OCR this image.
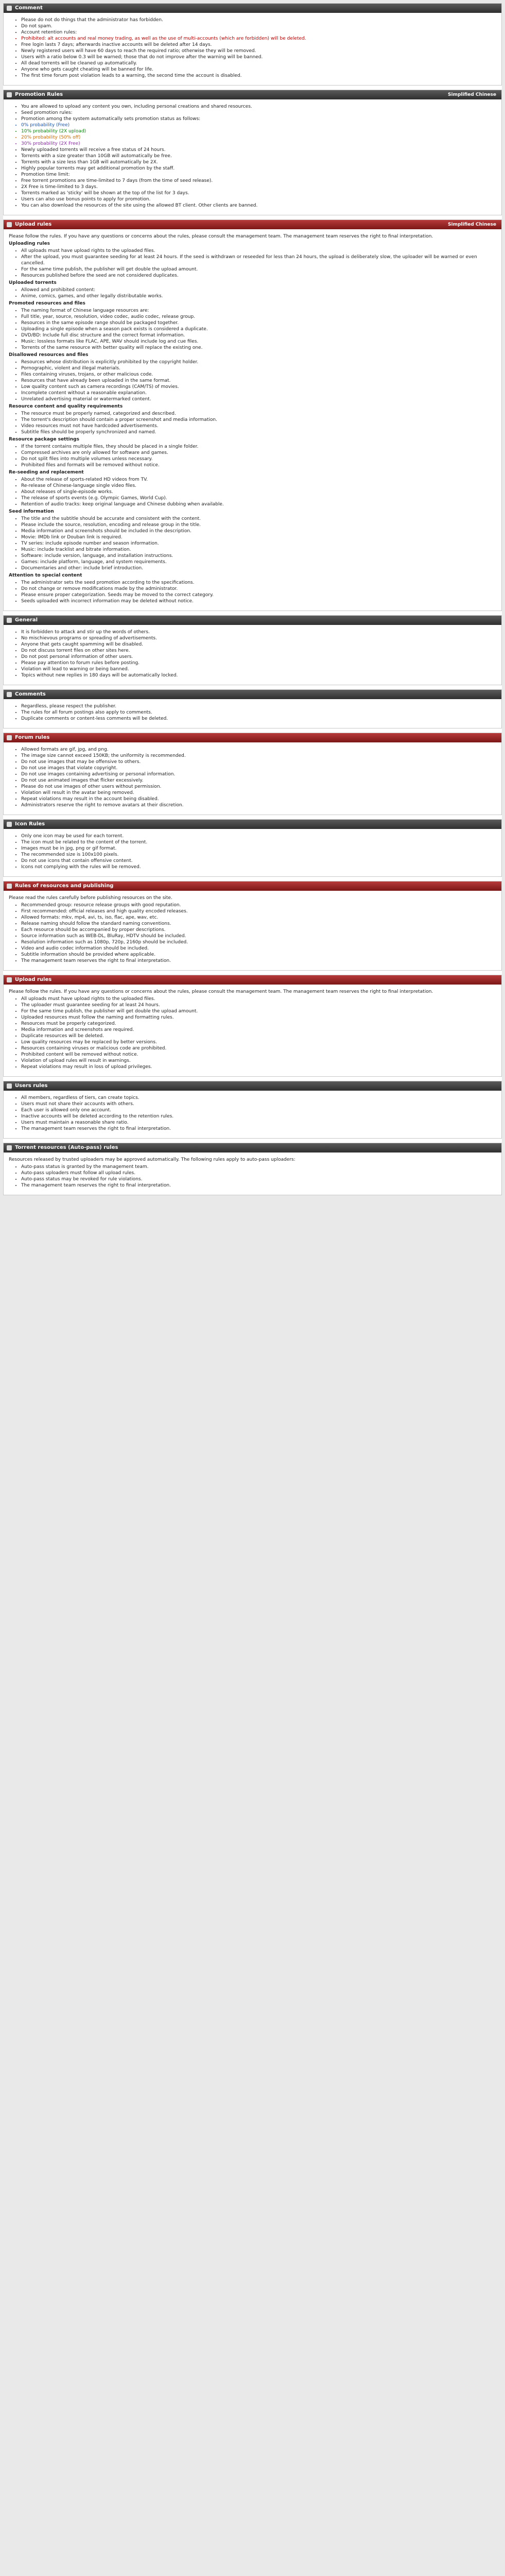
Comment
• Please do not do things that the administrator has forbidden.
• Do not spam.
• Account retention rules:
• Prohibited: alt accounts and real money trading, as well as the use of multi-accounts (which are forbidden) will be deleted.
• Free login lasts 7 days; afterwards inactive accounts will be deleted after 14 days.
• Newly registered users will have 60 days to reach the required ratio; otherwise they will be removed.
• Users with a ratio below 0.3 will be warned; those that do not improve after the warning will be banned.
• All dead torrents will be cleaned up automatically.
• Anyone who gets caught cheating will be banned for life.
• The first time forum post violation leads to a warning, the second time the account is disabled.
Promotion Rules	Simplified Chinese
• You are allowed to upload any content you own, including personal creations and shared resources.
• Seed promotion rules:
• Promotion among the system automatically sets promotion status as follows:
• 0% probability (Free)
• 10% probability (2X upload)
• 20% probability (50% off)
• 30% probability (2X Free)
• Newly uploaded torrents will receive a free status of 24 hours.
• Torrents with a size greater than 10GB will automatically be free.
• Torrents with a size less than 1GB will automatically be 2X.
• Highly popular torrents may get additional promotion by the staff.
• Promotion time limit:
• Free torrent promotions are time-limited to 7 days (from the time of seed release).
• 2X Free is time-limited to 3 days.
• Torrents marked as 'sticky' will be shown at the top of the list for 3 days.
• Users can also use bonus points to apply for promotion.
• You can also download the resources of the site using the allowed BT client. Other clients are banned.
Upload rules	Simplified Chinese

Please follow the rules. If you have any questions or concerns about the rules, please consult the management team. The management team reserves the right to final interpretation.

Uploading rules

• All uploads must have upload rights to the uploaded files.
• After the upload, you must guarantee seeding for at least 24 hours. If the seed is withdrawn or reseeded for less than 24 hours, the upload is deliberately slow, the uploader will be warned or even cancelled.
• For the same time publish, the publisher will get double the upload amount.
• Resources published before the seed are not considered duplicates.

Uploaded torrents

• Allowed and prohibited content:
• Anime, comics, games, and other legally distributable works.

Promoted resources and files

• The naming format of Chinese language resources are:
• Full title, year, source, resolution, video codec, audio codec, release group.
• Resources in the same episode range should be packaged together.
• Uploading a single episode when a season pack exists is considered a duplicate.
• DVD/BD: Include full disc structure and the correct format information.
• Music: lossless formats like FLAC, APE, WAV should include log and cue files.
• Torrents of the same resource with better quality will replace the existing one.

Disallowed resources and files

• Resources whose distribution is explicitly prohibited by the copyright holder.
• Pornographic, violent and illegal materials.
• Files containing viruses, trojans, or other malicious code.
• Resources that have already been uploaded in the same format.
• Low quality content such as camera recordings (CAM/TS) of movies.
• Incomplete content without a reasonable explanation.
• Unrelated advertising material or watermarked content.

Resource content and quality requirements

• The resource must be properly named, categorized and described.
• The torrent's description should contain a proper screenshot and media information.
• Video resources must not have hardcoded advertisements.
• Subtitle files should be properly synchronized and named.

Resource package settings

• If the torrent contains multiple files, they should be placed in a single folder.
• Compressed archives are only allowed for software and games.
• Do not split files into multiple volumes unless necessary.
• Prohibited files and formats will be removed without notice.

Re-seeding and replacement

• About the release of sports-related HD videos from TV.
• Re-release of Chinese-language single video files.
• About releases of single-episode works.
• The release of sports events (e.g. Olympic Games, World Cup).
• Retention of audio tracks: keep original language and Chinese dubbing when available.

Seed information

• The title and the subtitle should be accurate and consistent with the content.
• Please include the source, resolution, encoding and release group in the title.
• Media information and screenshots should be included in the description.
• Movie: IMDb link or Douban link is required.
• TV series: include episode number and season information.
• Music: include tracklist and bitrate information.
• Software: include version, language, and installation instructions.
• Games: include platform, language, and system requirements.
• Documentaries and other: include brief introduction.

Attention to special content

• The administrator sets the seed promotion according to the specifications.
• Do not change or remove modifications made by the administrator.
• Please ensure proper categorization. Seeds may be moved to the correct category.
• Seeds uploaded with incorrect information may be deleted without notice.
General
• It is forbidden to attack and stir up the words of others.
• No mischievous programs or spreading of advertisements.
• Anyone that gets caught spamming will be disabled.
• Do not discuss torrent files on other sites here.
• Do not post personal information of other users.
• Please pay attention to forum rules before posting.
• Violation will lead to warning or being banned.
• Topics without new replies in 180 days will be automatically locked.
Comments
• Regardless, please respect the publisher.
• The rules for all forum postings also apply to comments.
• Duplicate comments or content-less comments will be deleted.
Forum rules
• Allowed formats are gif, jpg, and png.
• The image size cannot exceed 150KB; the uniformity is recommended.
• Do not use images that may be offensive to others.
• Do not use images that violate copyright.
• Do not use images containing advertising or personal information.
• Do not use animated images that flicker excessively.
• Please do not use images of other users without permission.
• Violation will result in the avatar being removed.
• Repeat violations may result in the account being disabled.
• Administrators reserve the right to remove avatars at their discretion.
Icon Rules
• Only one icon may be used for each torrent.
• The icon must be related to the content of the torrent.
• Images must be in jpg, png or gif format.
• The recommended size is 100x100 pixels.
• Do not use icons that contain offensive content.
• Icons not complying with the rules will be removed.
Rules of resources and publishing

Please read the rules carefully before publishing resources on the site.

• Recommended group: resource release groups with good reputation.
• First recommended: official releases and high quality encoded releases.
• Allowed formats: mkv, mp4, avi, ts, iso, flac, ape, wav, etc.
• Release naming should follow the standard naming conventions.
• Each resource should be accompanied by proper descriptions.
• Source information such as WEB-DL, BluRay, HDTV should be included.
• Resolution information such as 1080p, 720p, 2160p should be included.
• Video and audio codec information should be included.
• Subtitle information should be provided where applicable.
• The management team reserves the right to final interpretation.
Upload rules

Please follow the rules. If you have any questions or concerns about the rules, please consult the management team. The management team reserves the right to final interpretation.

• All uploads must have upload rights to the uploaded files.
• The uploader must guarantee seeding for at least 24 hours.
• For the same time publish, the publisher will get double the upload amount.
• Uploaded resources must follow the naming and formatting rules.
• Resources must be properly categorized.
• Media information and screenshots are required.
• Duplicate resources will be deleted.
• Low quality resources may be replaced by better versions.
• Resources containing viruses or malicious code are prohibited.
• Prohibited content will be removed without notice.
• Violation of upload rules will result in warnings.
• Repeat violations may result in loss of upload privileges.
Users rules
• All members, regardless of tiers, can create topics.
• Users must not share their accounts with others.
• Each user is allowed only one account.
• Inactive accounts will be deleted according to the retention rules.
• Users must maintain a reasonable share ratio.
• The management team reserves the right to final interpretation.
Torrent resources (Auto-pass) rules

Resources released by trusted uploaders may be approved automatically. The following rules apply to auto-pass uploaders:

• Auto-pass status is granted by the management team.
• Auto-pass uploaders must follow all upload rules.
• Auto-pass status may be revoked for rule violations.
• The management team reserves the right to final interpretation.
